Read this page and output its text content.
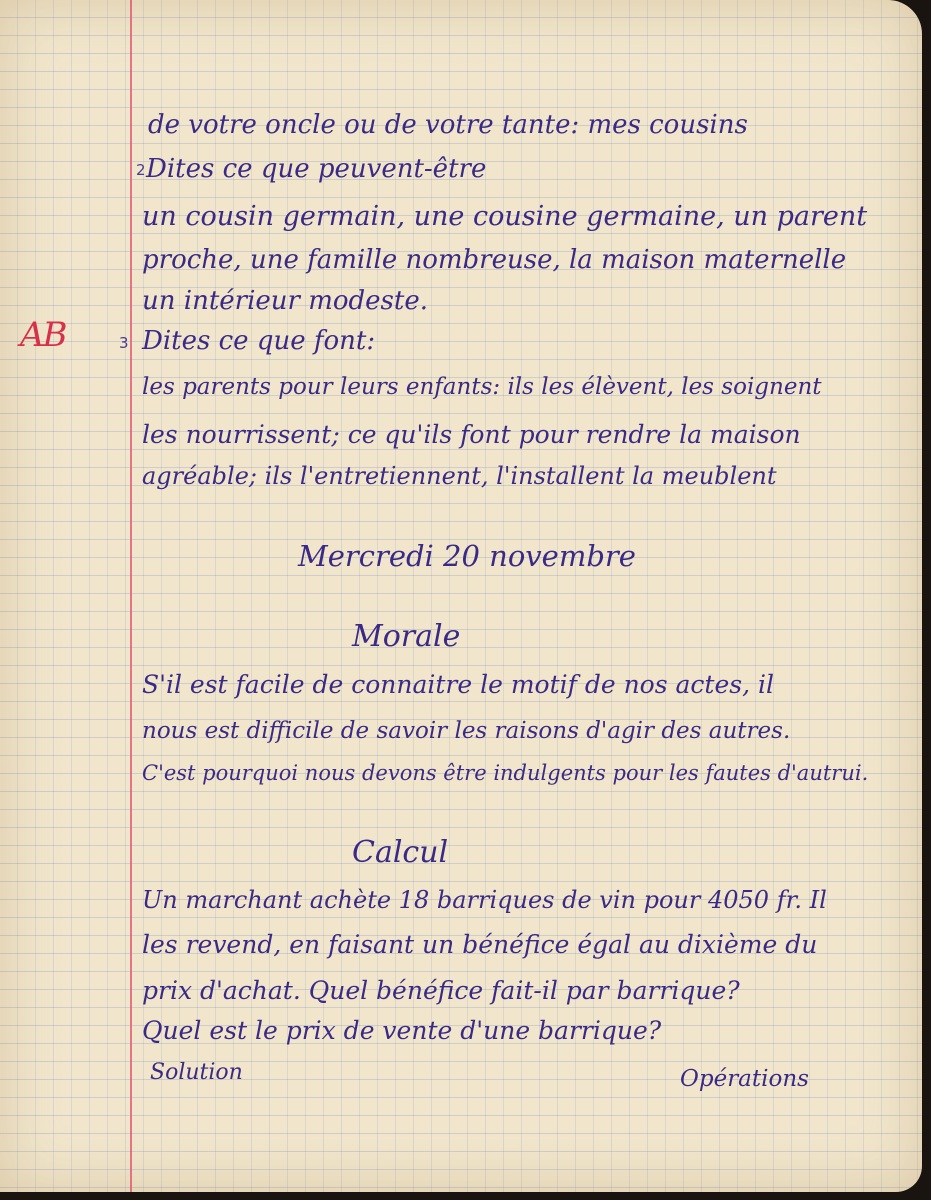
de votre oncle ou de votre tante: mes cousins
2 Dites ce que peuvent-être
un cousin germain, une cousine germaine, un parent
proche, une famille nombreuse, la maison maternelle
un intérieur modeste.
AB	3 Dites ce que font:
les parents pour leurs enfants: ils les élèvent, les soignent
les nourrissent; ce qu'ils font pour rendre la maison
agréable; ils l'entretiennent, l'installent la meublent
Mercredi 20 novembre
Morale
S'il est facile de connaitre le motif de nos actes, il
nous est difficile de savoir les raisons d'agir des autres.
C'est pourquoi nous devons être indulgents pour les fautes d'autrui.
Calcul
Un marchant achète 18 barriques de vin pour 4050 fr. Il
les revend, en faisant un bénéfice égal au dixième du
prix d'achat. Quel bénéfice fait-il par barrique?
Quel est le prix de vente d'une barrique?
Solution	Opérations
